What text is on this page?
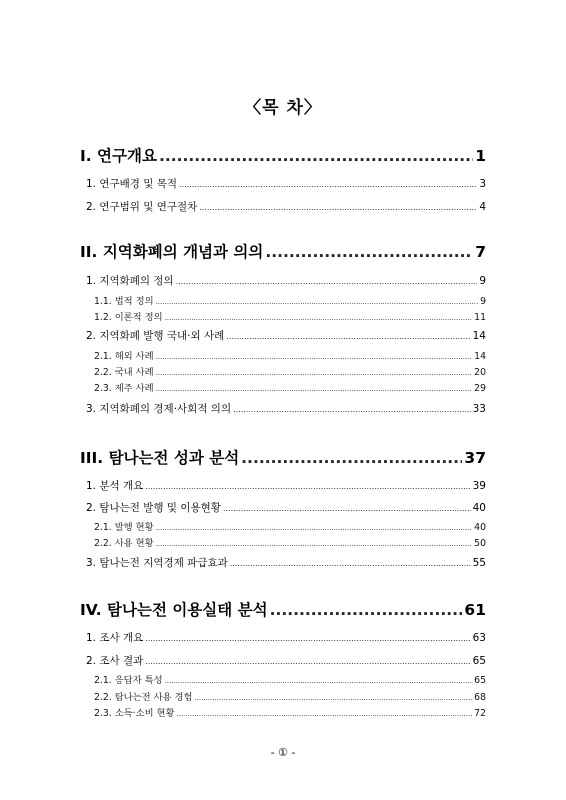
〈목 차〉
I. 연구개요 .....	1
1. 연구배경 및 목적 .....	3
2. 연구범위 및 연구절차 .....	4
II. 지역화폐의 개념과 의의 .....	7
1. 지역화폐의 정의 .....	9
1.1. 법적 정의 .....	9
1.2. 이론적 정의 .....	11
2. 지역화폐 발행 국내·외 사례 .....	14
2.1. 해외 사례 .....	14
2.2. 국내 사례 .....	20
2.3. 제주 사례 .....	29
3. 지역화폐의 경제·사회적 의의 .....	33
III. 탐나는전 성과 분석 .....	37
1. 분석 개요 .....	39
2. 탐나는전 발행 및 이용현황 .....	40
2.1. 발행 현황 .....	40
2.2. 사용 현황 .....	50
3. 탐나는전 지역경제 파급효과 .....	55
IV. 탐나는전 이용실태 분석 .....	61
1. 조사 개요 .....	63
2. 조사 결과 .....	65
2.1. 응답자 특성 .....	65
2.2. 탐나는전 사용 경험 .....	68
2.3. 소득·소비 현황 .....	72
- ① -
